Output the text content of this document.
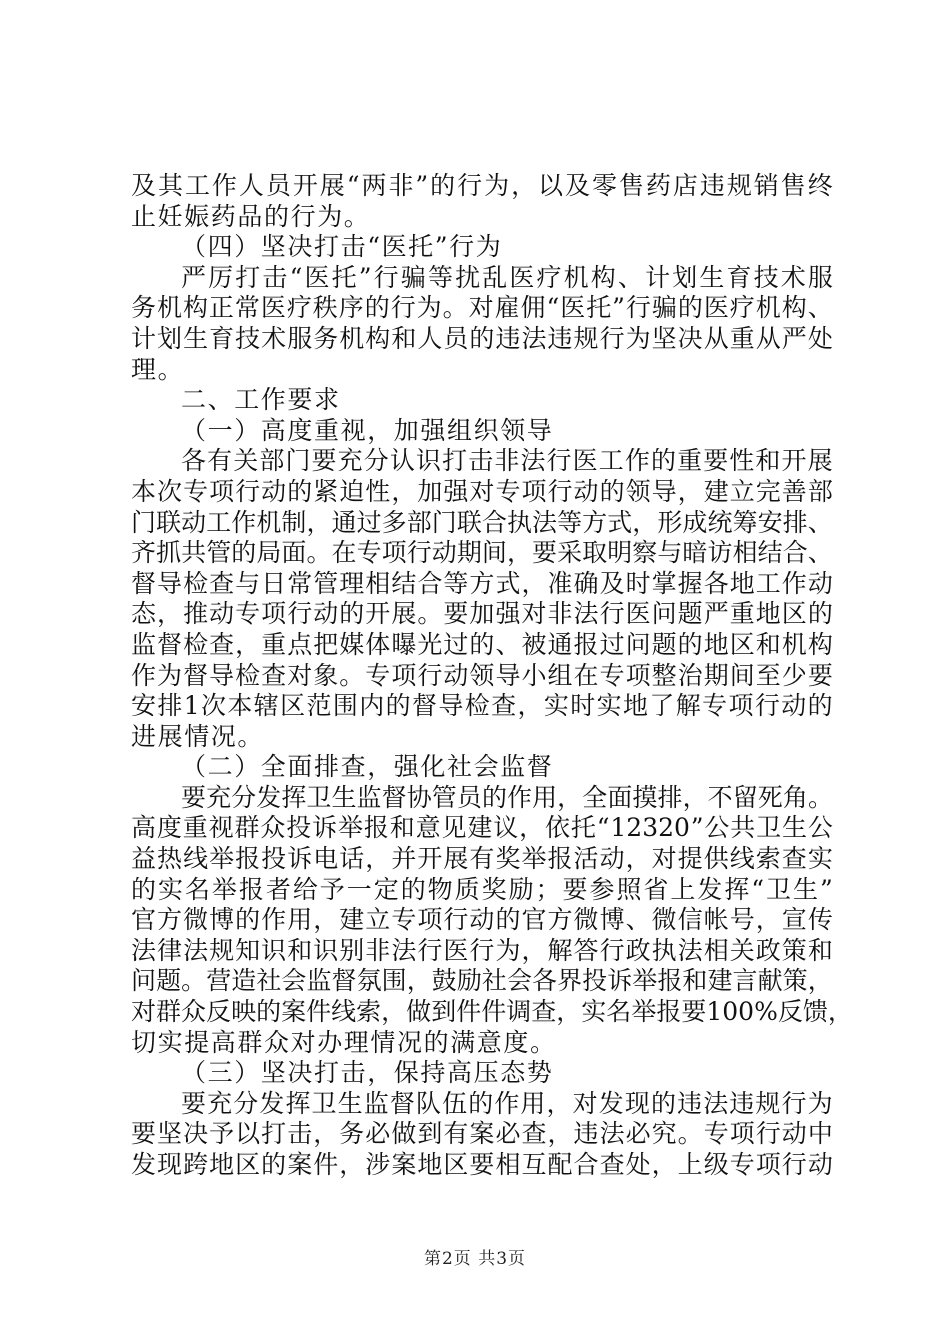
及 其 工 作 人 员 开 展 “ 两 非 ” 的 行 为 ， 以 及 零 售 药 店 违 规 销 售 终
止妊娠药品的行为。
（四）坚决打击“医托”行为
严 厉 打 击 “ 医 托 ” 行 骗 等 扰 乱 医 疗 机 构 、 计 划 生 育 技 术 服
务 机 构 正 常 医 疗 秩 序 的 行 为 。 对 雇 佣 “ 医 托 ” 行 骗 的 医 疗 机 构 、
计 划 生 育 技 术 服 务 机 构 和 人 员 的 违 法 违 规 行 为 坚 决 从 重 从 严 处
理。
二、工作要求
（一）高度重视，加强组织领导
各 有 关 部 门 要 充 分 认 识 打 击 非 法 行 医 工 作 的 重 要 性 和 开 展
本 次 专 项 行 动 的 紧 迫 性 ， 加 强 对 专 项 行 动 的 领 导 ， 建 立 完 善 部
门 联 动 工 作 机 制 ， 通 过 多 部 门 联 合 执 法 等 方 式 ， 形 成 统 筹 安 排 、
齐 抓 共 管 的 局 面 。 在 专 项 行 动 期 间 ， 要 采 取 明 察 与 暗 访 相 结 合 、
督 导 检 查 与 日 常 管 理 相 结 合 等 方 式 ， 准 确 及 时 掌 握 各 地 工 作 动
态 ， 推 动 专 项 行 动 的 开 展 。 要 加 强 对 非 法 行 医 问 题 严 重 地 区 的
监 督 检 查 ， 重 点 把 媒 体 曝 光 过 的 、 被 通 报 过 问 题 的 地 区 和 机 构
作 为 督 导 检 查 对 象 。 专 项 行 动 领 导 小 组 在 专 项 整 治 期 间 至 少 要
安 排 1 次 本 辖 区 范 围 内 的 督 导 检 查 ， 实 时 实 地 了 解 专 项 行 动 的
进展情况。
（二）全面排查，强化社会监督
要 充 分 发 挥 卫 生 监 督 协 管 员 的 作 用 ， 全 面 摸 排 ， 不 留 死 角 。
高 度 重 视 群 众 投 诉 举 报 和 意 见 建 议 ， 依 托 “ 12320 ” 公 共 卫 生 公
益 热 线 举 报 投 诉 电 话 ， 并 开 展 有 奖 举 报 活 动 ， 对 提 供 线 索 查 实
的 实 名 举 报 者 给 予 一 定 的 物 质 奖 励 ； 要 参 照 省 上 发 挥 “ 卫 生 ”
官 方 微 博 的 作 用 ， 建 立 专 项 行 动 的 官 方 微 博 、 微 信 帐 号 ， 宣 传
法 律 法 规 知 识 和 识 别 非 法 行 医 行 为 ， 解 答 行 政 执 法 相 关 政 策 和
问 题 。 营 造 社 会 监 督 氛 围 ， 鼓 励 社 会 各 界 投 诉 举 报 和 建 言 献 策 ，
对 群 众 反 映 的 案 件 线 索 ， 做 到 件 件 调 查 ， 实 名 举 报 要 100% 反 馈 ，
切实提高群众对办理情况的满意度。
（三）坚决打击，保持高压态势
要 充 分 发 挥 卫 生 监 督 队 伍 的 作 用 ， 对 发 现 的 违 法 违 规 行 为
要 坚 决 予 以 打 击 ， 务 必 做 到 有 案 必 查 ， 违 法 必 究 。 专 项 行 动 中
发 现 跨 地 区 的 案 件 ， 涉 案 地 区 要 相 互 配 合 查 处 ， 上 级 专 项 行 动
第2页 共3页
